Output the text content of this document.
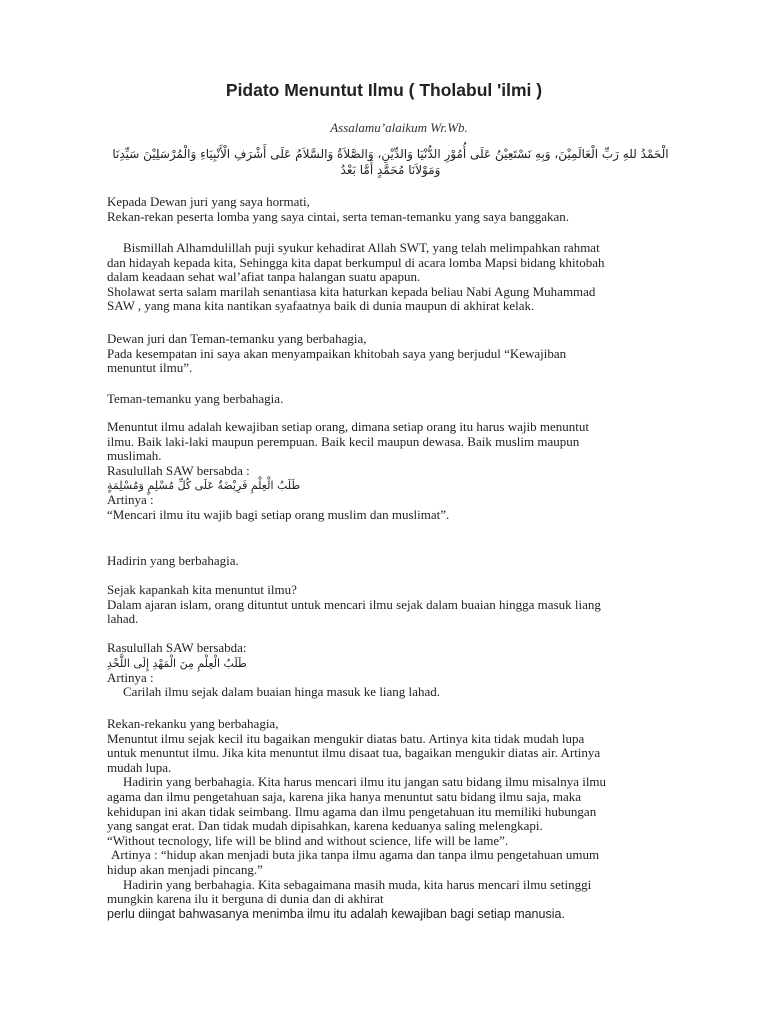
Pidato Menuntut Ilmu ( Tholabul 'ilmi )
Assalamu’alaikum Wr.Wb.
الْحَمْدُ للهِ رَبِّ الْعَالَمِيْنَ، وَبِهِ نَسْتَعِيْنُ عَلَى أُمُوْرِ الدُّنْيَا وَالدِّيْنِ، وَالصَّلاَةُ وَالسَّلاَمُ عَلَى أَشْرَفِ الْأَنْبِيَاءِ وَالْمُرْسَلِيْنَ سَيِّدِنَا وَمَوْلاَنَا مُحَمَّدٍ أَمَّا بَعْدُ
Kepada Dewan juri yang saya hormati,
Rekan-rekan peserta lomba yang saya cintai, serta teman-temanku yang saya banggakan.
Bismillah Alhamdulillah puji syukur kehadirat Allah SWT, yang telah melimpahkan rahmat
dan hidayah kepada kita, Sehingga kita dapat berkumpul di acara lomba Mapsi bidang khitobah
dalam keadaan sehat wal’afiat tanpa halangan suatu apapun.
Sholawat serta salam marilah senantiasa kita haturkan kepada beliau Nabi Agung Muhammad
SAW , yang mana kita nantikan syafaatnya baik di dunia maupun di akhirat kelak.
Dewan juri dan Teman-temanku yang berbahagia,
Pada kesempatan ini saya akan menyampaikan khitobah saya yang berjudul “Kewajiban
menuntut ilmu”.
Teman-temanku yang berbahagia.
Menuntut ilmu adalah kewajiban setiap orang, dimana setiap orang itu harus wajib menuntut
ilmu. Baik laki-laki maupun perempuan. Baik kecil maupun dewasa. Baik muslim maupun
muslimah.
Rasulullah SAW bersabda :
طَلَبُ الْعِلْمِ فَرِيْضَةٌ عَلَى كُلِّ مُسْلِمٍ وَمُسْلِمَةٍ
Artinya :
“Mencari ilmu itu wajib bagi setiap orang muslim dan muslimat”.
Hadirin yang berbahagia.
Sejak kapankah kita menuntut ilmu?
Dalam ajaran islam, orang dituntut untuk mencari ilmu sejak dalam buaian hingga masuk liang
lahad.
Rasulullah SAW bersabda:
طَلَبُ الْعِلْمِ مِنَ الْمَهْدِ إِلَى اللَّحْدِ
Artinya :
Carilah ilmu sejak dalam buaian hinga masuk ke liang lahad.
Rekan-rekanku yang berbahagia,
Menuntut ilmu sejak kecil itu bagaikan mengukir diatas batu. Artinya kita tidak mudah lupa
untuk menuntut ilmu. Jika kita menuntut ilmu disaat tua, bagaikan mengukir diatas air. Artinya
mudah lupa.
Hadirin yang berbahagia. Kita harus mencari ilmu itu jangan satu bidang ilmu misalnya ilmu
agama dan ilmu pengetahuan saja, karena jika hanya menuntut satu bidang ilmu saja, maka
kehidupan ini akan tidak seimbang. Ilmu agama dan ilmu pengetahuan itu memiliki hubungan
yang sangat erat. Dan tidak mudah dipisahkan, karena keduanya saling melengkapi.
“Without tecnology, life will be blind and without science, life will be lame”.
Artinya : “hidup akan menjadi buta jika tanpa ilmu agama dan tanpa ilmu pengetahuan umum
hidup akan menjadi pincang.”
Hadirin yang berbahagia. Kita sebagaimana masih muda, kita harus mencari ilmu setinggi
mungkin karena ilu it berguna di dunia dan di akhirat
perlu diingat bahwasanya menimba ilmu itu adalah kewajiban bagi setiap manusia.
